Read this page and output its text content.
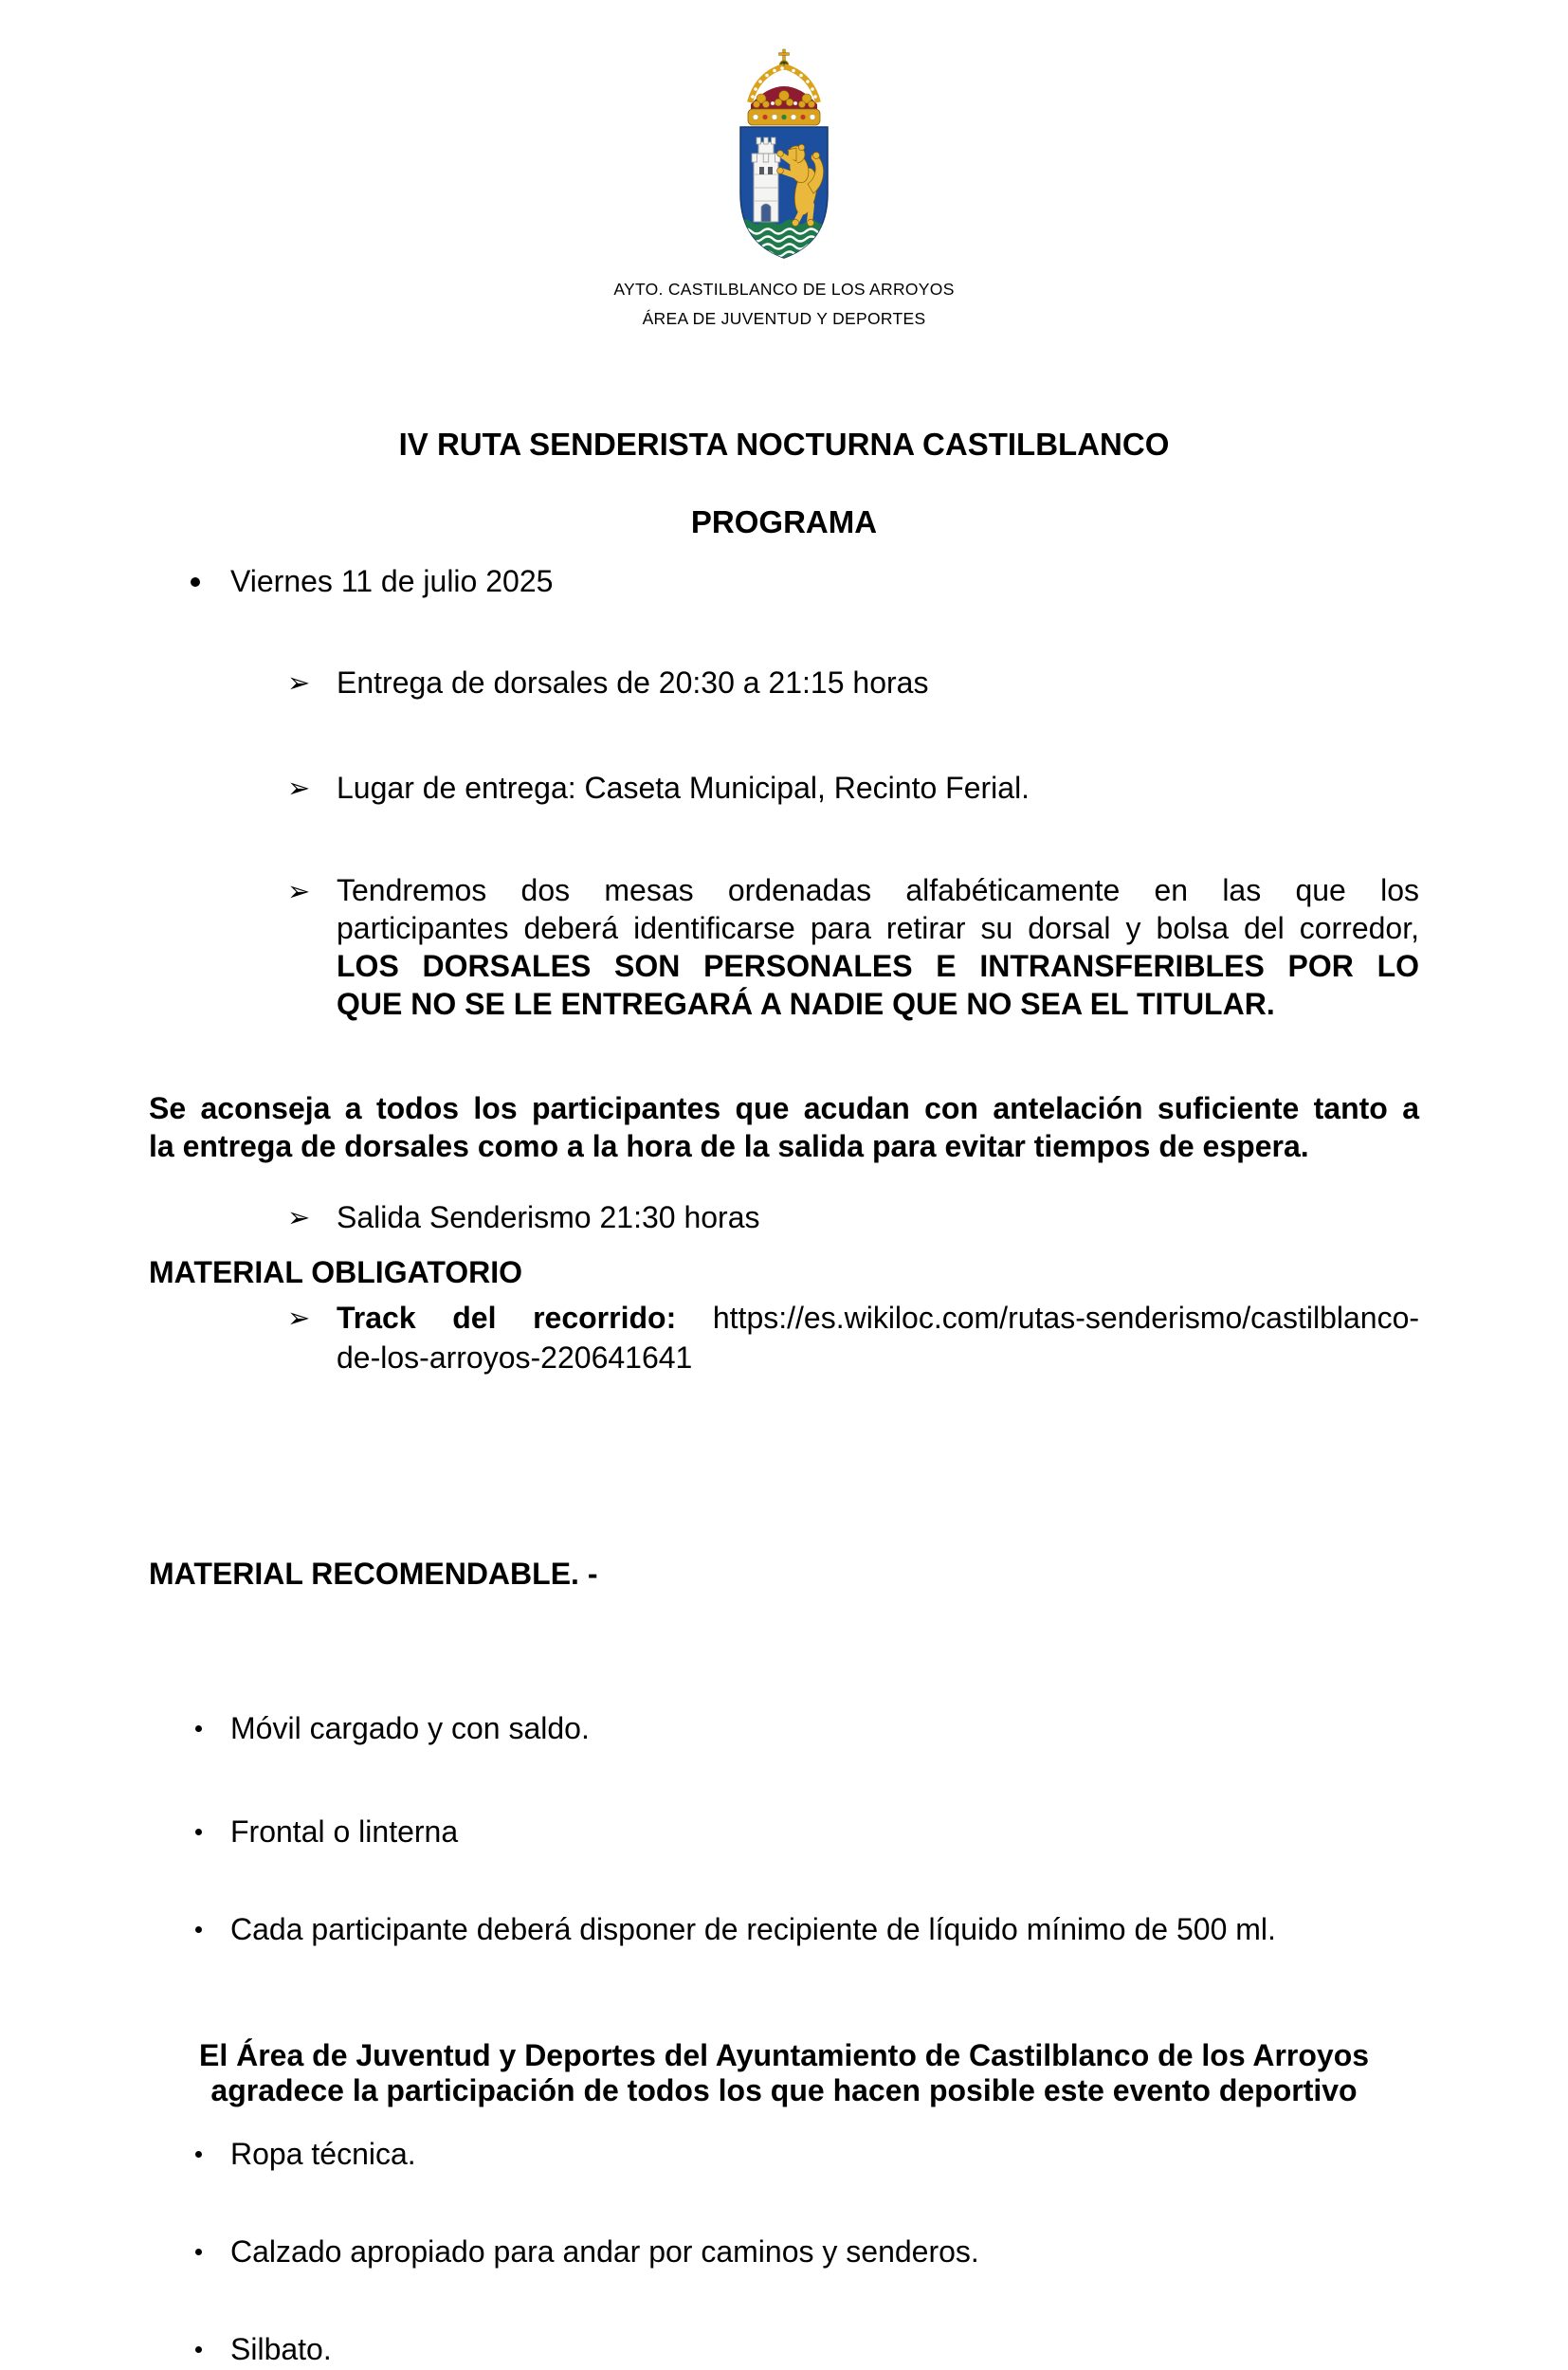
AYTO. CASTILBLANCO DE LOS ARROYOS
ÁREA DE JUVENTUD Y DEPORTES
IV RUTA SENDERISTA NOCTURNA CASTILBLANCO
PROGRAMA
Viernes 11 de julio 2025
➢ Entrega de dorsales de 20:30 a 21:15 horas
➢ Lugar de entrega: Caseta Municipal, Recinto Ferial.
➢ Tendremos dos mesas ordenadas alfabéticamente en las que los
participantes deberá identificarse para retirar su dorsal y bolsa del corredor,
LOS DORSALES SON PERSONALES E INTRANSFERIBLES POR LO
QUE NO SE LE ENTREGARÁ A NADIE QUE NO SEA EL TITULAR.
➢ Salida Senderismo 21:30 horas
➢ Track del recorrido: https://es.wikiloc.com/rutas-senderismo/castilblanco-
de-los-arroyos-220641641
Se aconseja a todos los participantes que acudan con antelación suficiente tanto a
la entrega de dorsales como a la hora de la salida para evitar tiempos de espera.
MATERIAL OBLIGATORIO
Móvil cargado y con saldo.
Frontal o linterna
Cada participante deberá disponer de recipiente de líquido mínimo de 500 ml.
MATERIAL RECOMENDABLE. -
Ropa técnica.
Calzado apropiado para andar por caminos y senderos.
Silbato.
El Área de Juventud y Deportes del Ayuntamiento de Castilblanco de los Arroyos
agradece la participación de todos los que hacen posible este evento deportivo
